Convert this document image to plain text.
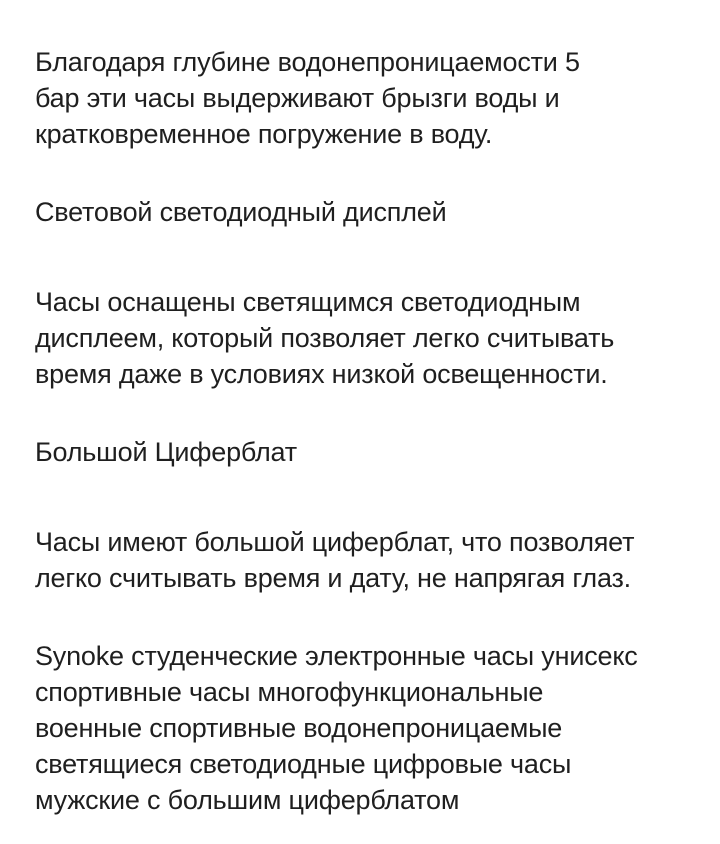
Благодаря глубине водонепроницаемости 5
бар эти часы выдерживают брызги воды и
кратковременное погружение в воду.

Световой светодиодный дисплей

Часы оснащены светящимся светодиодным
дисплеем, который позволяет легко считывать
время даже в условиях низкой освещенности.

Большой Циферблат

Часы имеют большой циферблат, что позволяет
легко считывать время и дату, не напрягая глаз.

Synoke студенческие электронные часы унисекс
спортивные часы многофункциональные
военные спортивные водонепроницаемые
светящиеся светодиодные цифровые часы
мужские с большим циферблатом
